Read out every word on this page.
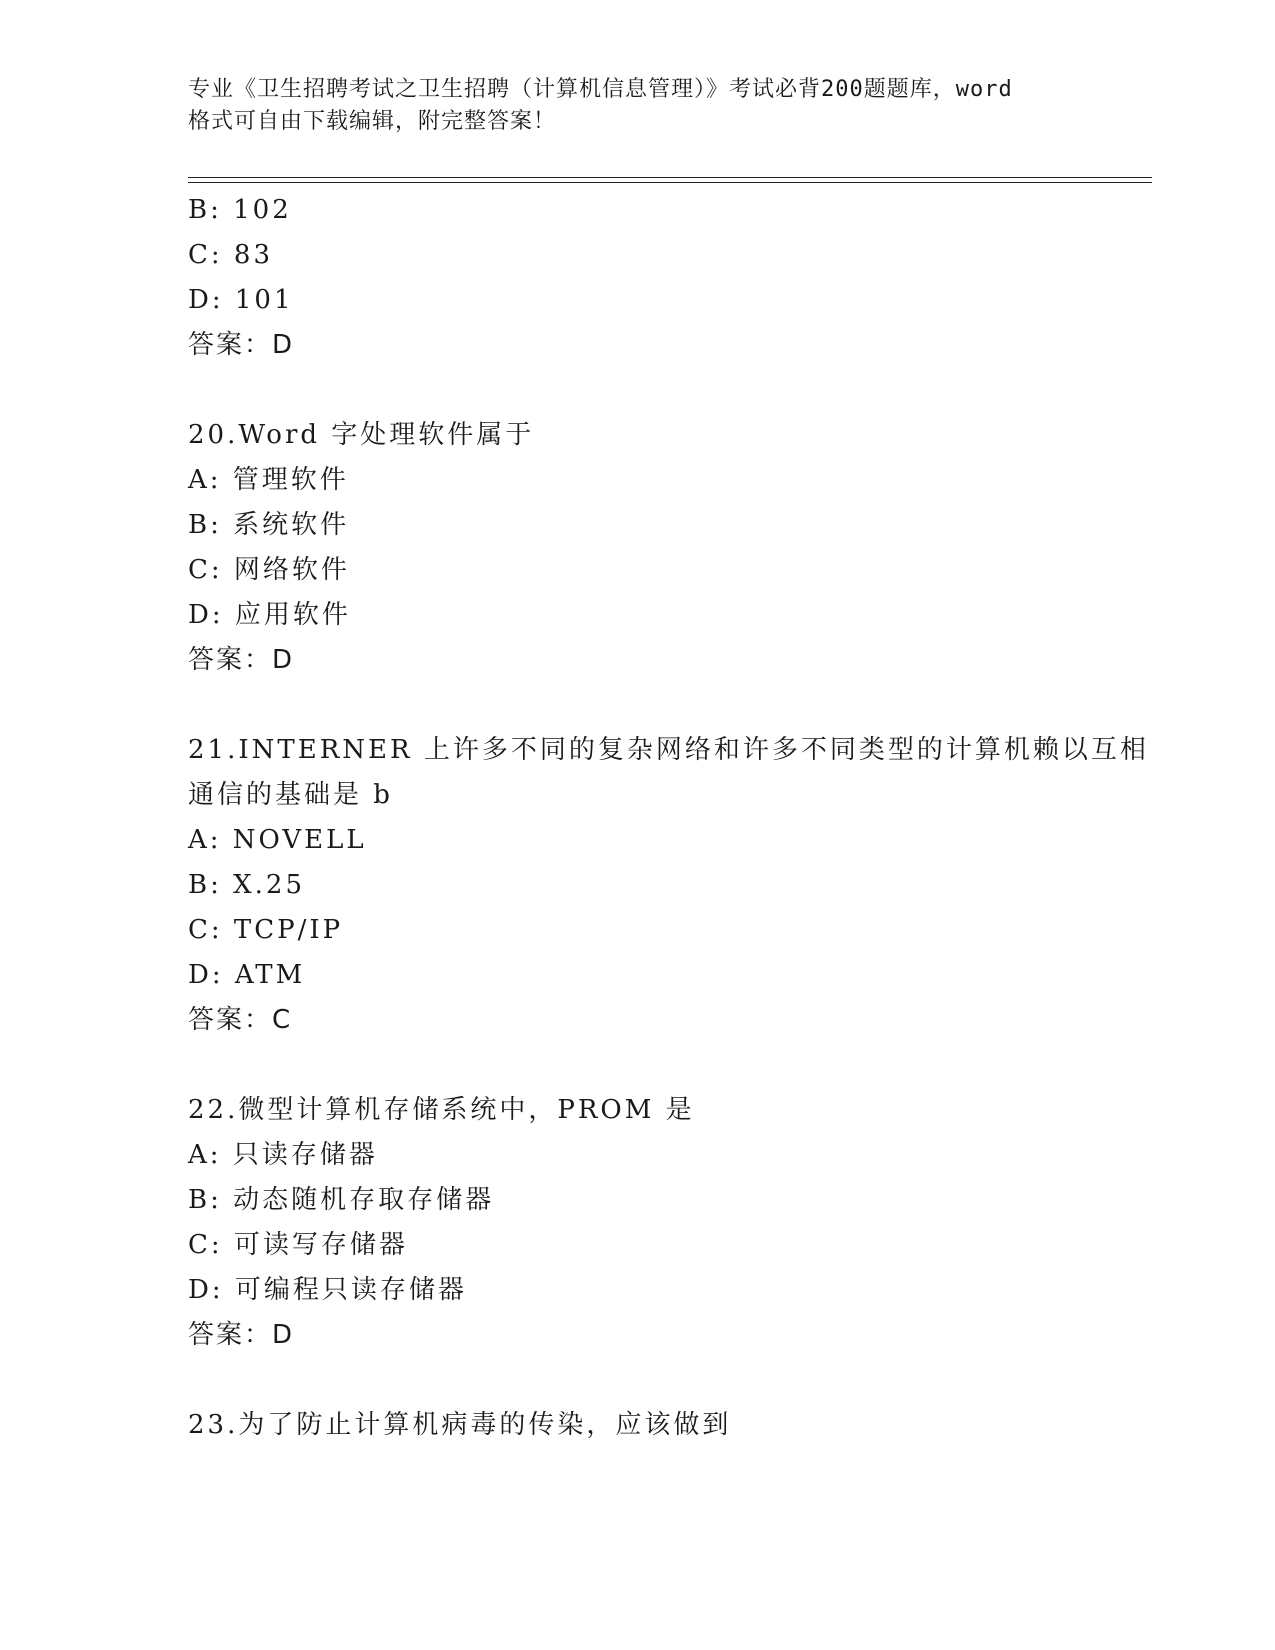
专业《卫生招聘考试之卫生招聘（计算机信息管理）》考试必背200题题库，word
格式可自由下载编辑，附完整答案！
B: 102
C: 83
D: 101
答案：D
20.Word 字处理软件属于
A: 管理软件
B: 系统软件
C: 网络软件
D: 应用软件
答案：D
21.INTERNER 上许多不同的复杂网络和许多不同类型的计算机赖以互相
通信的基础是 b
A: NOVELL
B: X.25
C: TCP/IP
D: ATM
答案：C
22.微型计算机存储系统中，PROM 是
A: 只读存储器
B: 动态随机存取存储器
C: 可读写存储器
D: 可编程只读存储器
答案：D
23.为了防止计算机病毒的传染，应该做到
